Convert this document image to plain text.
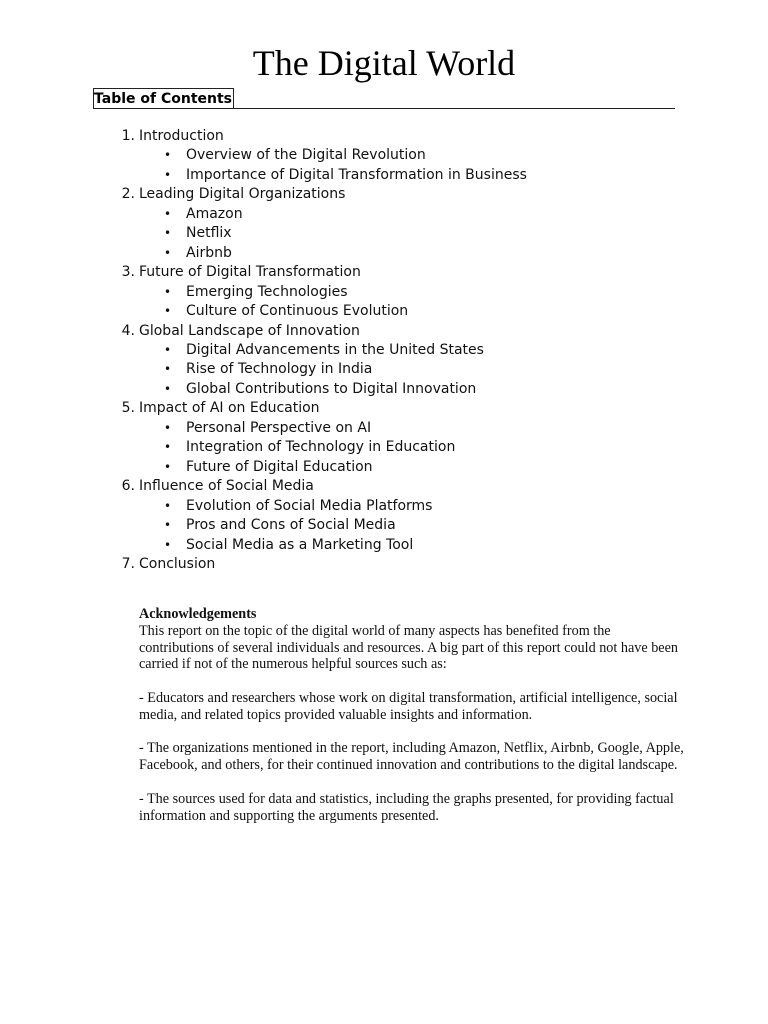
The Digital World
Table of Contents
1. Introduction
• Overview of the Digital Revolution
• Importance of Digital Transformation in Business
2. Leading Digital Organizations
• Amazon
• Netflix
• Airbnb
3. Future of Digital Transformation
• Emerging Technologies
• Culture of Continuous Evolution
4. Global Landscape of Innovation
• Digital Advancements in the United States
• Rise of Technology in India
• Global Contributions to Digital Innovation
5. Impact of AI on Education
• Personal Perspective on AI
• Integration of Technology in Education
• Future of Digital Education
6. Influence of Social Media
• Evolution of Social Media Platforms
• Pros and Cons of Social Media
• Social Media as a Marketing Tool
7. Conclusion

Acknowledgements

This report on the topic of the digital world of many aspects has benefited from the contributions of several individuals and resources. A big part of this report could not have been carried if not of the numerous helpful sources such as:

- Educators and researchers whose work on digital transformation, artificial intelligence, social media, and related topics provided valuable insights and information.

- The organizations mentioned in the report, including Amazon, Netflix, Airbnb, Google, Apple, Facebook, and others, for their continued innovation and contributions to the digital landscape.

- The sources used for data and statistics, including the graphs presented, for providing factual information and supporting the arguments presented.
